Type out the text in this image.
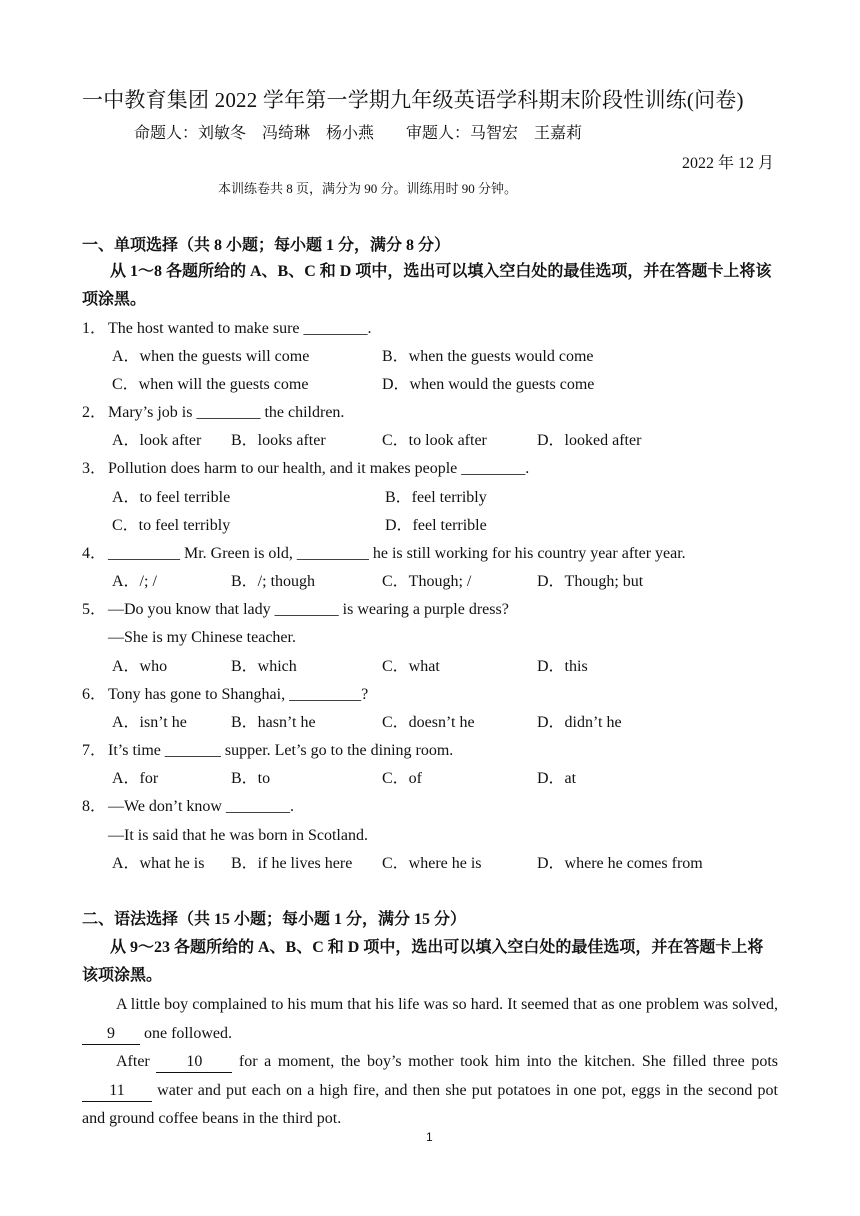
一中教育集团 2022 学年第一学期九年级英语学科期末阶段性训练(问卷)
命题人：刘敏冬　冯绮琳　杨小燕　　审题人：马智宏　王嘉莉
2022 年 12 月
本训练卷共 8 页，满分为 90 分。训练用时 90 分钟。
一、单项选择（共 8 小题；每小题 1 分，满分 8 分）
从 1～8 各题所给的 A、B、C 和 D 项中，选出可以填入空白处的最佳选项，并在答题卡上将该项涂黑。
1． The host wanted to make sure ________.
A．when the guests will come	B．when the guests would come
C．when will the guests come	D．when would the guests come
2． Mary’s job is ________ the children.
A．look after B．looks after	C．to look after	D．looked after
3． Pollution does harm to our health, and it makes people ________.
A．to feel terrible	B．feel terribly
C．to feel terribly	D．feel terrible
4． _________ Mr. Green is old, _________ he is still working for his country year after year.
A．/; /	B．/; though	C．Though; /	D．Though; but
5． —Do you know that lady ________ is wearing a purple dress?
—She is my Chinese teacher.
A．who	B．which	C．what	D．this
6． Tony has gone to Shanghai, _________?
A．isn’t he	B．hasn’t he	C．doesn’t he	D．didn’t he
7． It’s time _______ supper. Let’s go to the dining room.
A．for	B．to	C．of	D．at
8． —We don’t know ________.
—It is said that he was born in Scotland.
A．what he is B．if he lives here C．where he is	D．where he comes from
二、语法选择（共 15 小题；每小题 1 分，满分 15 分）
从 9～23 各题所给的 A、B、C 和 D 项中，选出可以填入空白处的最佳选项，并在答题卡上将该项涂黑。
A little boy complained to his mum that his life was so hard. It seemed that as one problem was solved, 9 one followed.
After 10 for a moment, the boy’s mother took him into the kitchen. She filled three pots 11 water and put each on a high fire, and then she put potatoes in one pot, eggs in the second pot and ground coffee beans in the third pot.
1
